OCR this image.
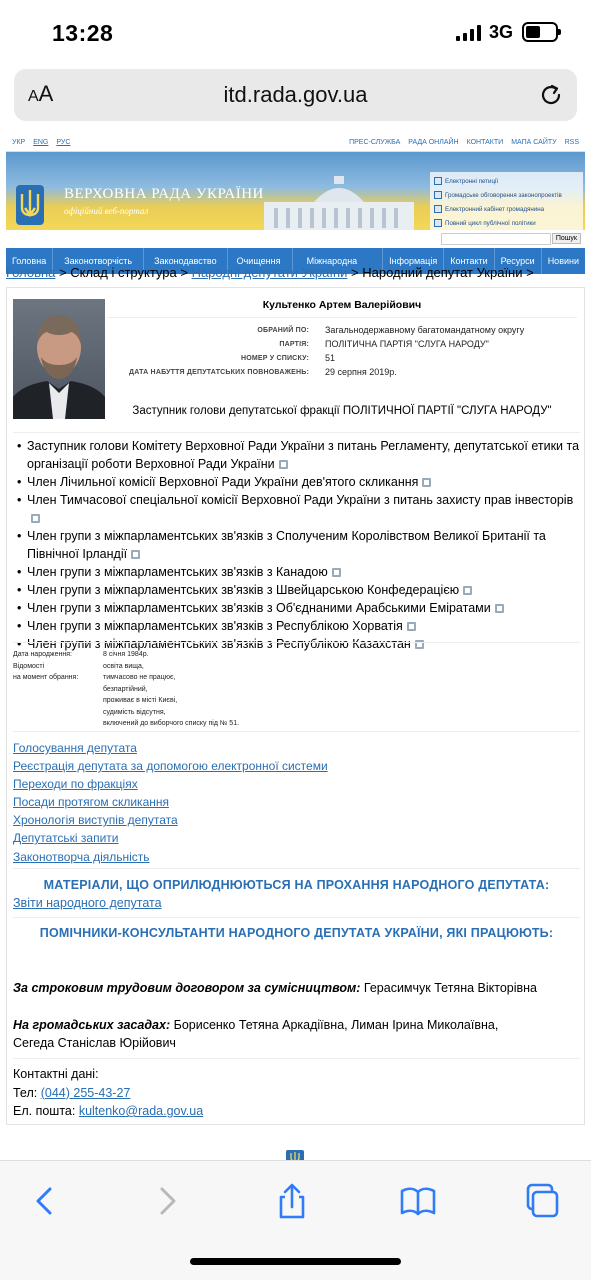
13:28	3G
AA	itd.rada.gov.ua
УКР ENG РУС	ПРЕС-СЛУЖБА РАДА ОНЛАЙН КОНТАКТИ МАПА САЙТУ RSS
ВЕРХОВНА РАДА УКРАЇНИ
офіційний веб-портал
Електронні петиції
Громадське обговорення законопроектів
Електронний кабінет громадянина
Повний цикл публічної політики
Пошук
Головна	Законотворчість	Законодавство	Очищення влади
Міжнародна діяльність
Інформація	Контакти	Ресурси	Новини
Головна > Склад і структура > Народні депутати України > Народний депутат України >
Культенко Артем Валерійович
ОБРАНИЙ ПО:	Загальнодержавному багатомандатному округу
ПАРТІЯ:	ПОЛІТИЧНА ПАРТІЯ "СЛУГА НАРОДУ"
НОМЕР У СПИСКУ:	51
ДАТА НАБУТТЯ ДЕПУТАТСЬКИХ ПОВНОВАЖЕНЬ:	29 серпня 2019р.
Заступник голови депутатської фракції ПОЛІТИЧНОЇ ПАРТІЇ "СЛУГА НАРОДУ"
• Заступник голови Комітету Верховної Ради України з питань Регламенту, депутатської етики та організації роботи Верховної Ради України
• Член Лічильної комісії Верховної Ради України дев'ятого скликання
• Член Тимчасової спеціальної комісії Верховної Ради України з питань захисту прав інвесторів
• Член групи з міжпарламентських зв'язків з Сполученим Королівством Великої Британії та Північної Ірландії
• Член групи з міжпарламентських зв'язків з Канадою
• Член групи з міжпарламентських зв'язків з Швейцарською Конфедерацією
• Член групи з міжпарламентських зв'язків з Об'єднаними Арабськими Еміратами
• Член групи з міжпарламентських зв'язків з Республікою Хорватія
• Член групи з міжпарламентських зв'язків з Республікою Казахстан
Дата народження:	8 січня 1984р.
Відомості
на момент обрання:
освіта вища,
тимчасово не працює,
безпартійний,
проживає в місті Києві,
судимість відсутня,
включений до виборчого списку під № 51.
Голосування депутата
Реєстрація депутата за допомогою електронної системи
Переходи по фракціях
Посади протягом скликання
Хронологія виступів депутата
Депутатські запити
Законотворча діяльність
МАТЕРІАЛИ, ЩО ОПРИЛЮДНЮЮТЬСЯ НА ПРОХАННЯ НАРОДНОГО ДЕПУТАТА:
Звіти народного депутата
ПОМІЧНИКИ-КОНСУЛЬТАНТИ НАРОДНОГО ДЕПУТАТА УКРАЇНИ, ЯКІ ПРАЦЮЮТЬ:
За строковим трудовим договором за сумісництвом: Герасимчук Тетяна Вікторівна
На громадських засадах: Борисенко Тетяна Аркадіївна, Лиман Ірина Миколаївна,
Сегеда Станіслав Юрійович
Контактні дані:
Тел: (044) 255-43-27
Ел. пошта: kultenko@rada.gov.ua
